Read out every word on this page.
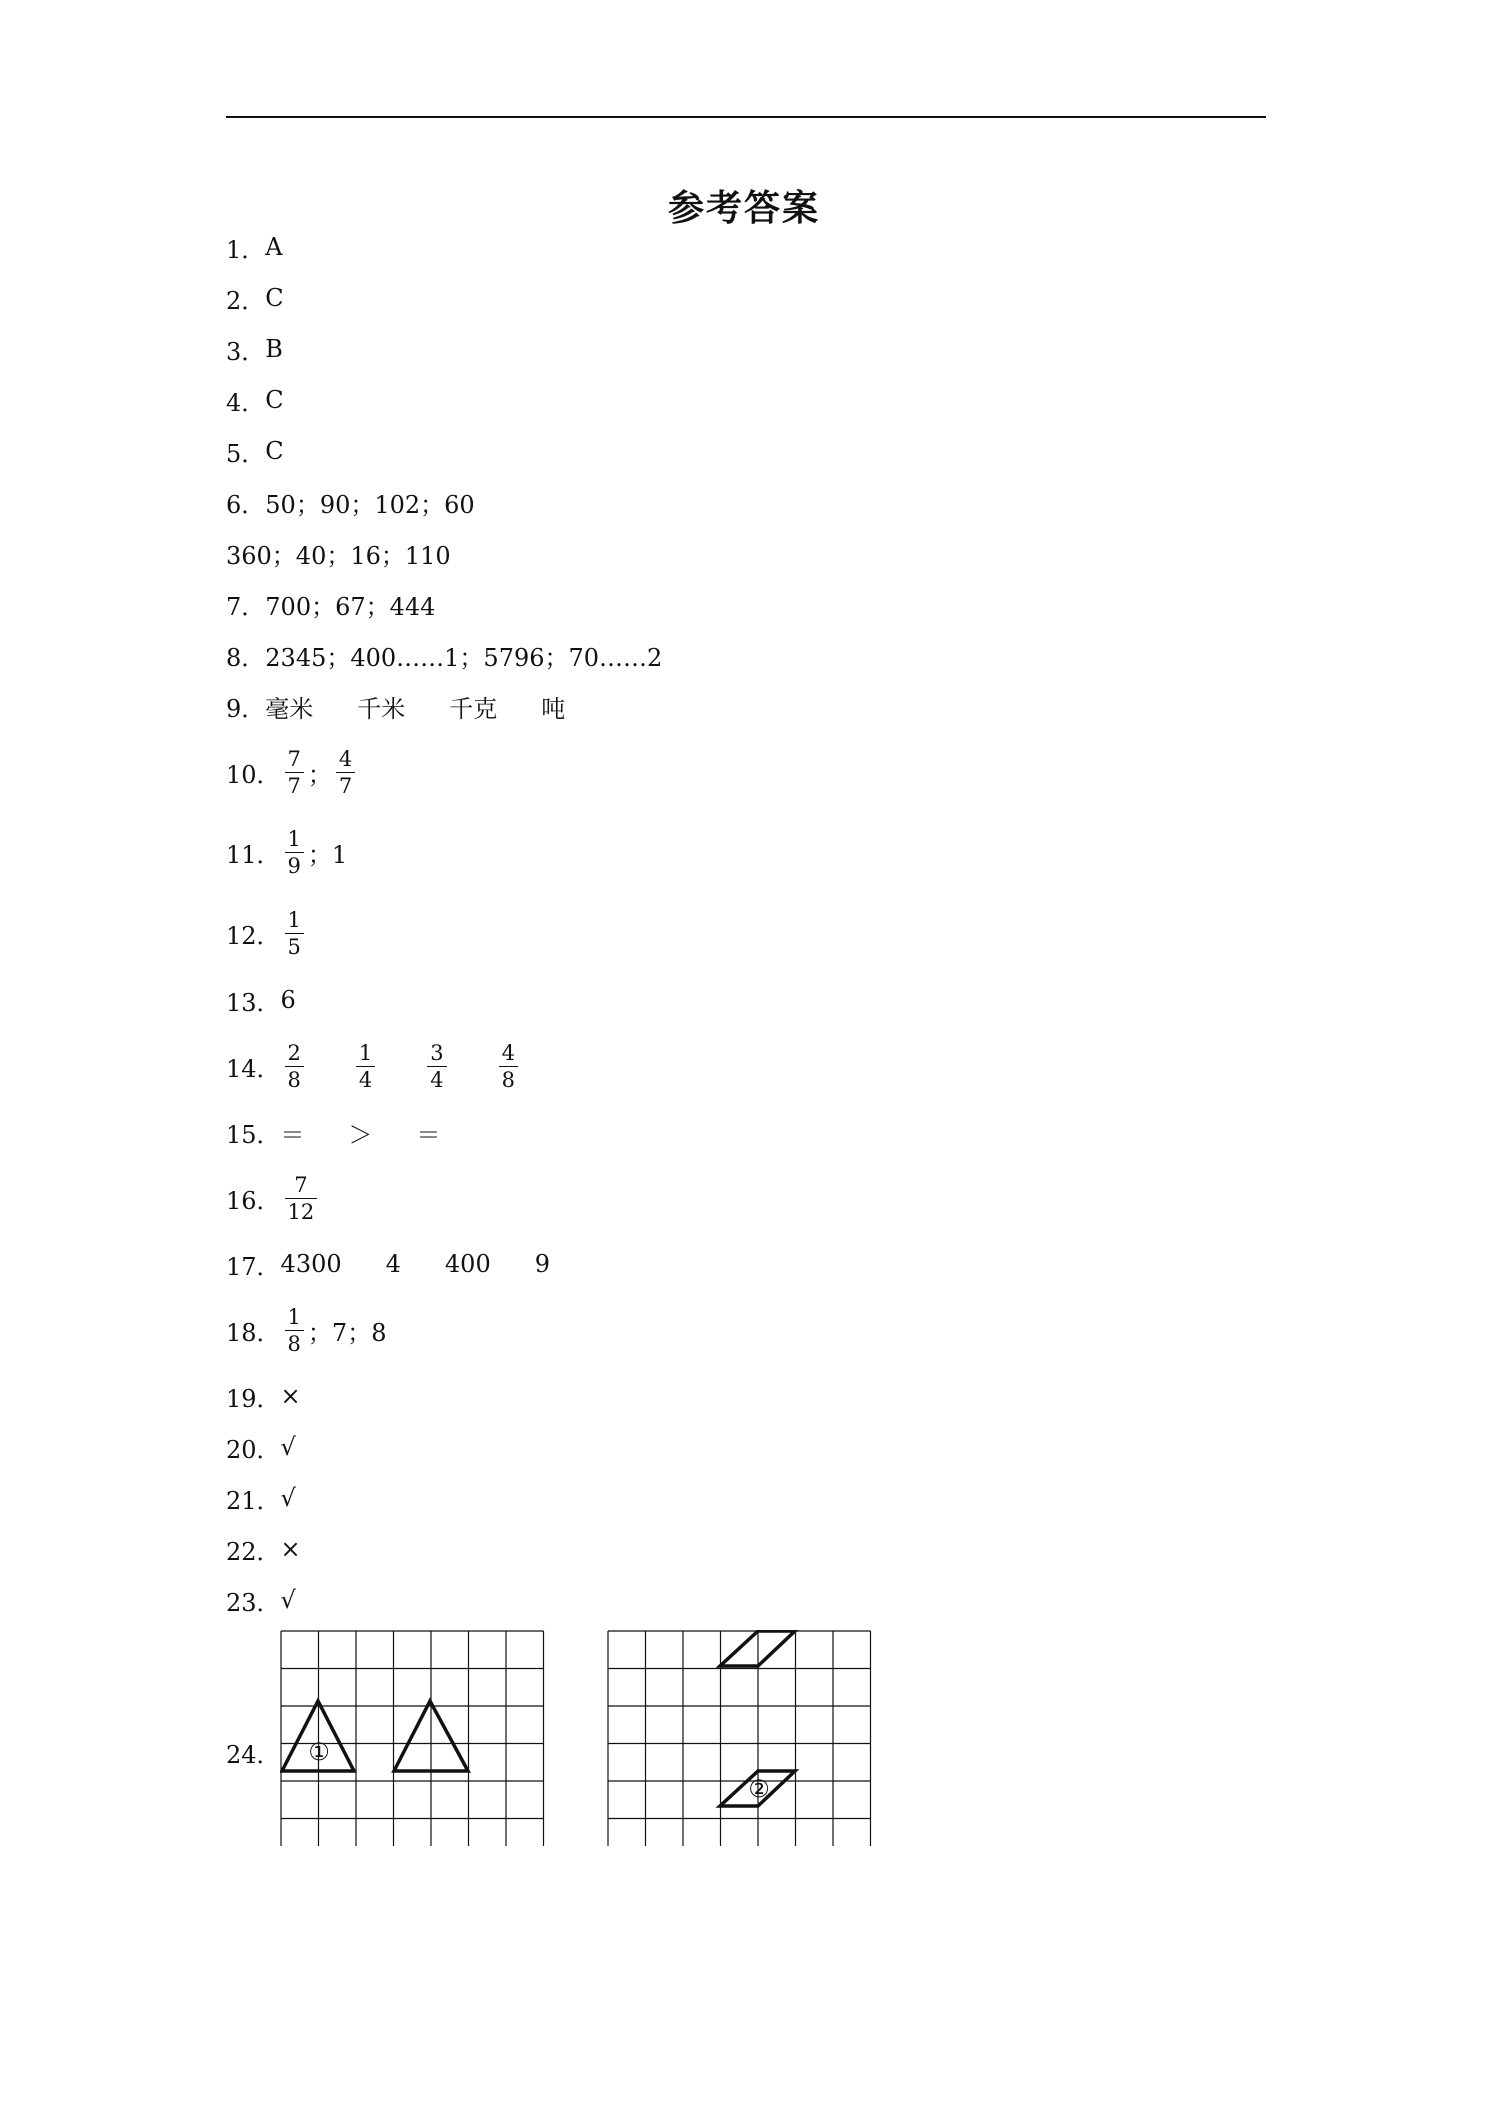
参考答案
1． A
2． C
3． B
4． C
5． C
6． 50；90；102；60
360；40；16；110
7． 700；67；444
8． 2345；400……1；5796；70……2
9． 毫米 千米 千克 吨
10． $\frac{7}{7}$ ； $\frac{4}{7}$
11． $\frac{1}{9}$ ；1
12． $\frac{1}{5}$
13． 6
14． $\frac{2}{8} \frac{1}{4} \frac{3}{4} \frac{4}{8}$
15． ＝ ＞ ＝
16． $\frac{7}{12}$
17． 4300 4 400 9
18． $\frac{1}{8}$ ；7；8
19． ×
20． √
21． √
22． ×
23． √
24． ①
②
